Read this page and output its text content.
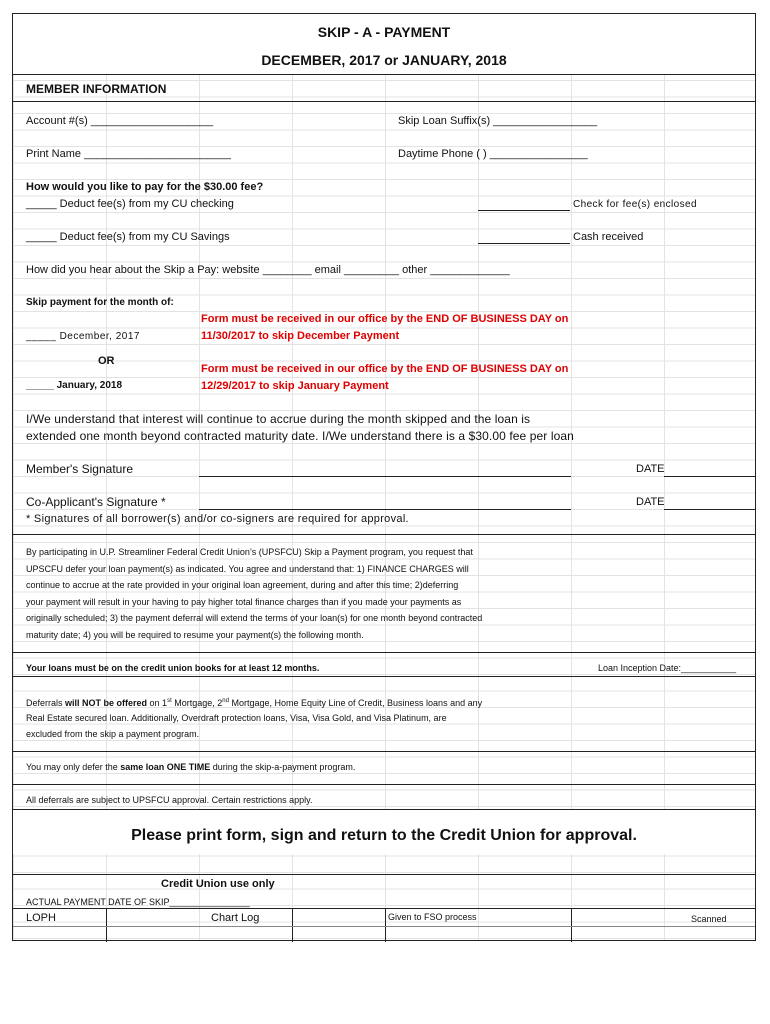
SKIP - A - PAYMENT
DECEMBER, 2017 or JANUARY, 2018
MEMBER INFORMATION
Account #(s) ____________________	Skip Loan Suffix(s) _________________
Print Name ________________________	Daytime Phone ( ) ________________
How would you like to pay for the $30.00 fee?
_____ Deduct fee(s) from my CU checking	Check for fee(s) enclosed
_____ Deduct fee(s) from my CU Savings	Cash received
How did you hear about the Skip a Pay: website ________ email _________ other _____________
Skip payment for the month of:
Form must be received in our office by the END OF BUSINESS DAY on
11/30/2017 to skip December Payment
_____ December, 2017
OR
Form must be received in our office by the END OF BUSINESS DAY on
12/29/2017 to skip January Payment
_____ January, 2018
I/We understand that interest will continue to accrue during the month skipped and the loan is
extended one month beyond contracted maturity date. I/We understand there is a $30.00 fee per loan
Member's Signature	DATE
Co-Applicant's Signature *	DATE
* Signatures of all borrower(s) and/or co-signers are required for approval.
By participating in U.P. Streamliner Federal Credit Union’s (UPSFCU) Skip a Payment program, you request that
UPSCFU defer your loan payment(s) as indicated. You agree and understand that: 1) FINANCE CHARGES will
continue to accrue at the rate provided in your original loan agreement, during and after this time; 2)deferring
your payment will result in your having to pay higher total finance charges than if you made your payments as
originally scheduled; 3) the payment deferral will extend the terms of your loan(s) for one month beyond contracted
maturity date; 4) you will be required to resume your payment(s) the following month.
Your loans must be on the credit union books for at least 12 months.	Loan Inception Date:___________
Deferrals will NOT be offered on 1st Mortgage, 2nd Mortgage, Home Equity Line of Credit, Business loans and any
Real Estate secured loan. Additionally, Overdraft protection loans, Visa, Visa Gold, and Visa Platinum, are
excluded from the skip a payment program.
You may only defer the same loan ONE TIME during the skip-a-payment program.
All deferrals are subject to UPSFCU approval. Certain restrictions apply.
Please print form, sign and return to the Credit Union for approval.
Credit Union use only
ACTUAL PAYMENT DATE OF SKIP________________
LOPH	Chart Log	Given to FSO process	Scanned
